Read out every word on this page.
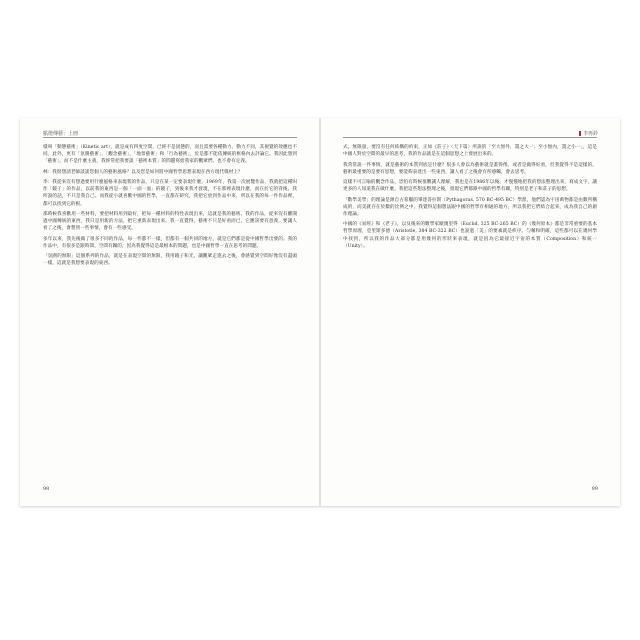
點燈傳藝：上冊

樣叫「動態藝術」（Kinetic art），就是成有四度空間，已經不是固態的，而且需要各種動力。動力不同，其視覺的效應也不同。此外，更有「氛圍藝術」、「觀念藝術」、「地景藝術」和「行為藝術」，於是都不能依傳統的框格內去評論它。我因此想到「藝術」，而不是什麼主義，我經常把我要談「藝術本質」的問題寫給我家的觀眾們。也不會有定義。

林：我很想請老師談談您個人的藝術風格？以及您是如何將中國哲學思想表現在西方現代媒材上？

李：我從來沒有想過要用什麼風格來表現我的作品，只是在某一定要表現什麼。1969年，我第一次展覽作品，我就把這種叫作「鏡子」的作品，以前我的東西是一個「一面一面」的鏡子，到後來我才發現，不在那裡表現什麼，而在於它的背後，我所說的話，不只是我自己。而我從小就喜歡中國的哲學，一直都在研究，我把它放到作品中來，所以在我的每一件作品裡，都可以找到它的根。

那時候我喜歡用一些材料，要把材料用到最好，把每一種材料的特性表現出來，這就是我的藝術。我的作品，從來沒有離開過中國傳統的東西，我只是用新的方法，把它重新表現出來。我一直覺得，藝術不只是好看而已，它應該要有意義，要讓人看了之後，會想到一些事情，會有一些感受。

多年以來，我先後做了很多不同的作品，每一件都不一樣，但都有一個共同的地方，就是它們都是從中國哲學出發的。我的作品中，有很多是跟時間、空間有關的，因為我覺得這是最根本的問題，也是中國哲學一直在思考的問題。

「氛圍的無限」這個系列的作品，就是在表現空間的無限，我用鏡子和光，讓觀眾走進去之後，會感覺到空間好像沒有盡頭一樣，這就是我想要表現的東西。

98
李再鈐

式，無限量，要沒有任何結構的約束，正如《莊子》〈天下篇〉所說的「至大無外，謂之大一；至小無內，謂之小一」，這是中國人對於空間的最早的思考，我的作品就是在這個思想之上發展出來的。

我常常說一件事情，就是藝術的本質到底是什麼？很多人會以為藝術就是畫得像，或者是做得好看，但我覺得不是這樣的。藝術最重要的是要有思想，要能夠表達出一些東西，讓人看了之後會有所感觸，會去思考。

這樣不可言喻的觀念作品，恐怕有時候很難讓人理解，我也是在1986年以後，才慢慢地把我的想法整理出來，寫成文字，讓更多的人知道我在做什麼。我把這些想法整理之後，發現它們都跟中國的哲學有關，特別是老子和莊子的思想。

「數學美學」的理論是源自古希臘的畢達哥拉斯（Pythagoras, 570 BC-495 BC）學派，他們認為宇宙萬物都是由數所構成的，而美就存在於數的比例之中。我覺得這個想法跟中國的哲學有相通的地方，所以我把它們結合起來，成為我自己的創作理論。

中國的《易經》和《老子》，以及後來的數學家歐幾里得（Euclid, 325 BC-265 BC）的《幾何原本》都是非常重要的基本哲學原理，亞里斯多德（Aristotle, 384 BC-322 BC）也說過「美」的要素就是秩序、勻稱和明確，這些都可以在幾何學中找到，所以我的作品大部分都是用幾何的形狀來表現，就是因為它最接近宇宙的本質（Composition）和統一（Unity）。

99
